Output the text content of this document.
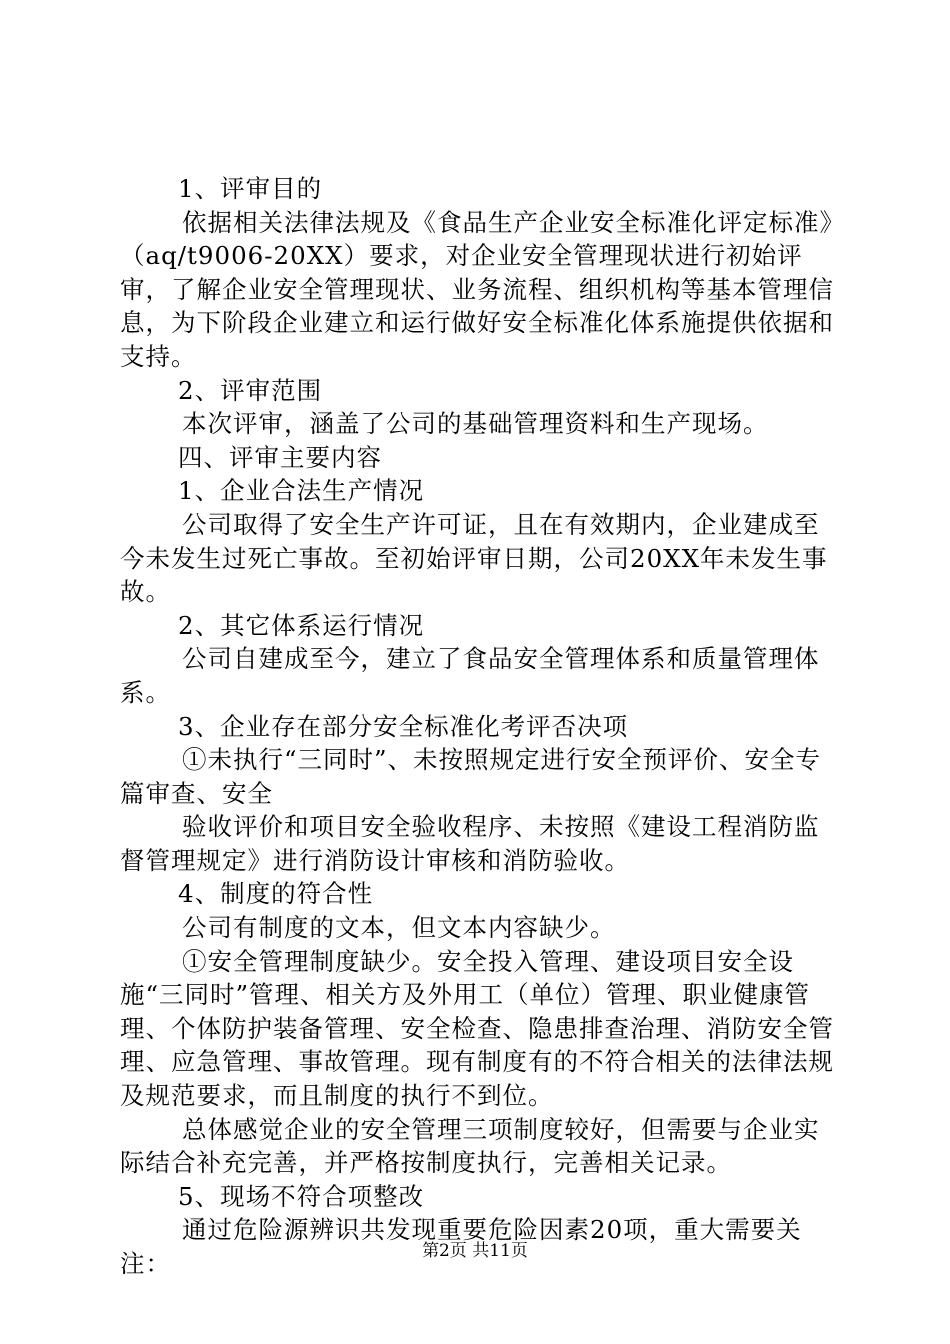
1、评审目的

依据相关法律法规及《食品生产企业安全标准化评定标准》（aq/t9006-20XX）要求，对企业安全管理现状进行初始评审，了解企业安全管理现状、业务流程、组织机构等基本管理信息，为下阶段企业建立和运行做好安全标准化体系施提供依据和支持。

2、评审范围

本次评审，涵盖了公司的基础管理资料和生产现场。

四、评审主要内容

1、企业合法生产情况

公司取得了安全生产许可证，且在有效期内，企业建成至今未发生过死亡事故。至初始评审日期，公司20XX年未发生事故。

2、其它体系运行情况

公司自建成至今，建立了食品安全管理体系和质量管理体系。

3、企业存在部分安全标准化考评否决项

①未执行“三同时”、未按照规定进行安全预评价、安全专篇审查、安全

验收评价和项目安全验收程序、未按照《建设工程消防监督管理规定》进行消防设计审核和消防验收。

4、制度的符合性

公司有制度的文本，但文本内容缺少。

①安全管理制度缺少。安全投入管理、建设项目安全设施“三同时”管理、相关方及外用工（单位）管理、职业健康管理、个体防护装备管理、安全检查、隐患排查治理、消防安全管理、应急管理、事故管理。现有制度有的不符合相关的法律法规及规范要求，而且制度的执行不到位。

总体感觉企业的安全管理三项制度较好，但需要与企业实际结合补充完善，并严格按制度执行，完善相关记录。

5、现场不符合项整改

通过危险源辨识共发现重要危险因素20项，重大需要关注：	第2页 共11页
